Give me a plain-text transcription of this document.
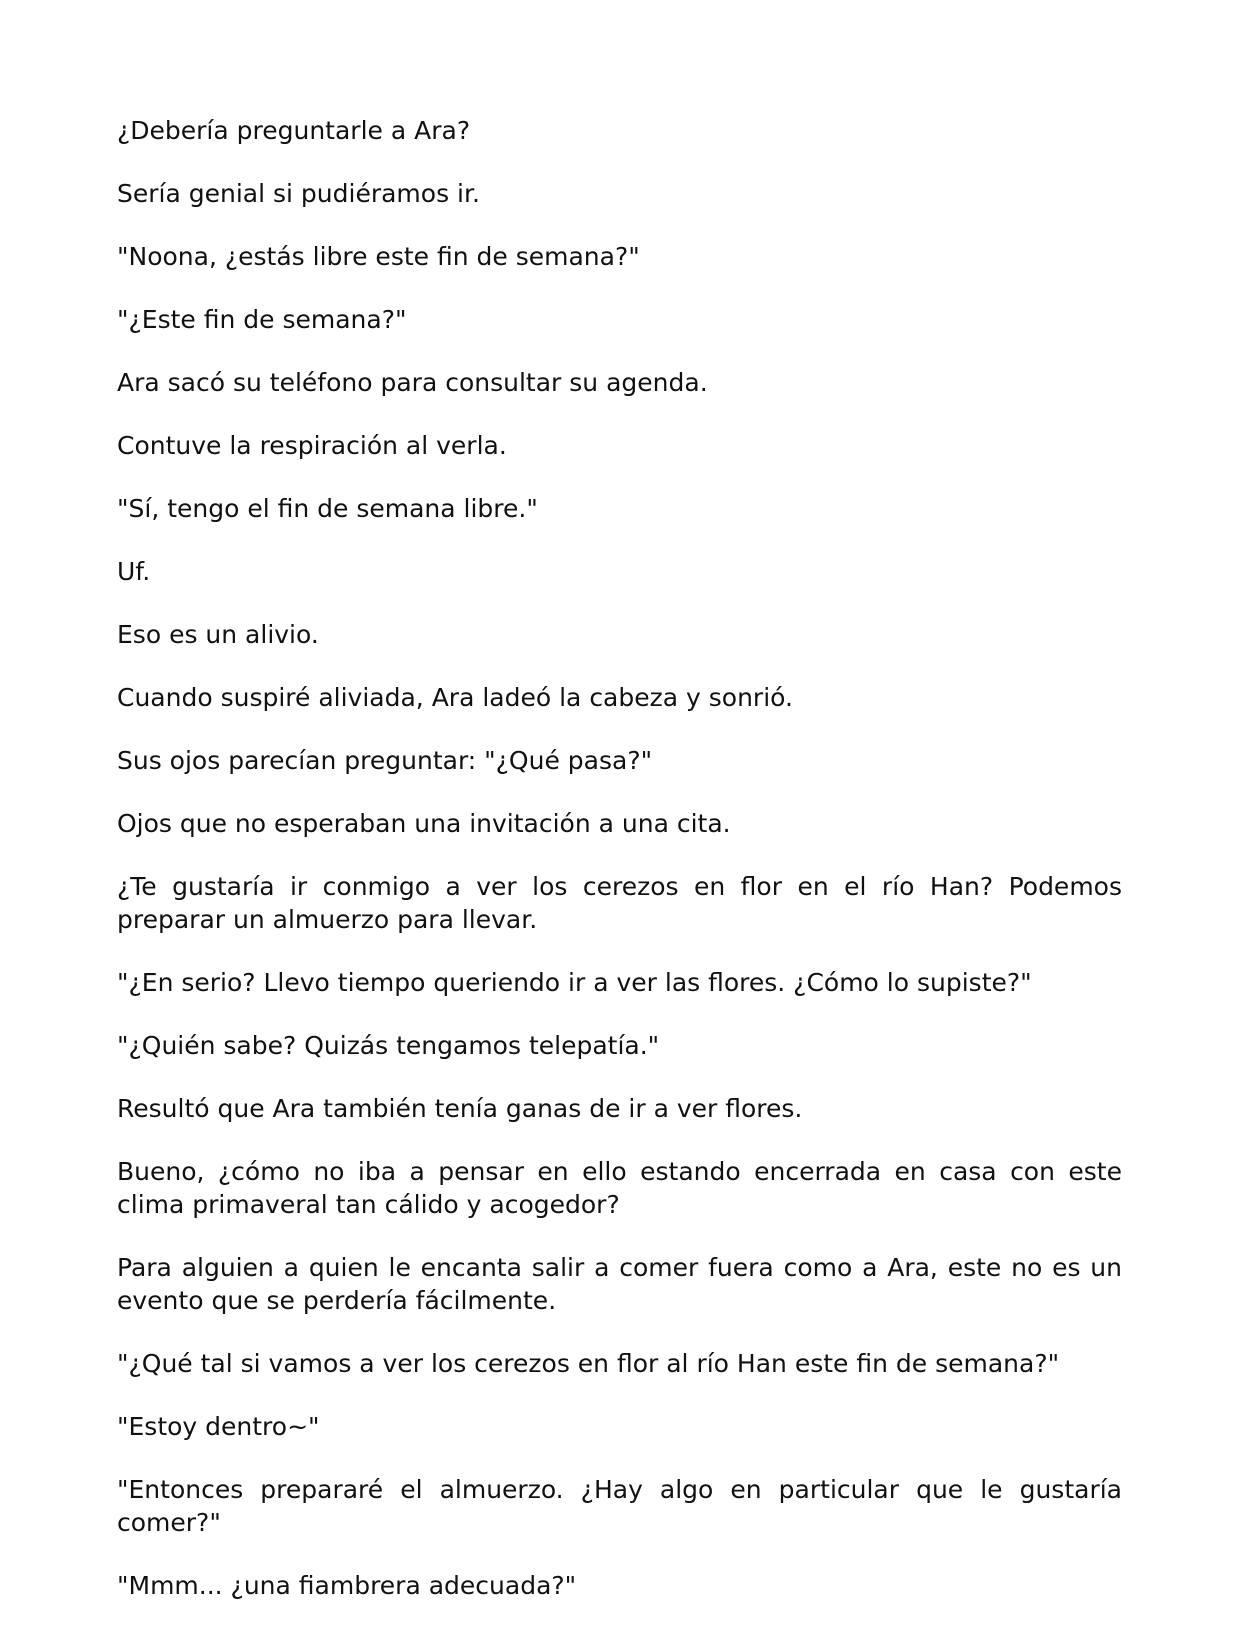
¿Debería preguntarle a Ara?

Sería genial si pudiéramos ir.

"Noona, ¿estás libre este fin de semana?"

"¿Este fin de semana?"

Ara sacó su teléfono para consultar su agenda.

Contuve la respiración al verla.

"Sí, tengo el fin de semana libre."

Uf.

Eso es un alivio.

Cuando suspiré aliviada, Ara ladeó la cabeza y sonrió.

Sus ojos parecían preguntar: "¿Qué pasa?"

Ojos que no esperaban una invitación a una cita.

¿Te gustaría ir conmigo a ver los cerezos en flor en el río Han? Podemos preparar un almuerzo para llevar.

"¿En serio? Llevo tiempo queriendo ir a ver las flores. ¿Cómo lo supiste?"

"¿Quién sabe? Quizás tengamos telepatía."

Resultó que Ara también tenía ganas de ir a ver flores.

Bueno, ¿cómo no iba a pensar en ello estando encerrada en casa con este clima primaveral tan cálido y acogedor?

Para alguien a quien le encanta salir a comer fuera como a Ara, este no es un evento que se perdería fácilmente.

"¿Qué tal si vamos a ver los cerezos en flor al río Han este fin de semana?"

"Estoy dentro~"

"Entonces prepararé el almuerzo. ¿Hay algo en particular que le gustaría comer?"

"Mmm... ¿una fiambrera adecuada?"
